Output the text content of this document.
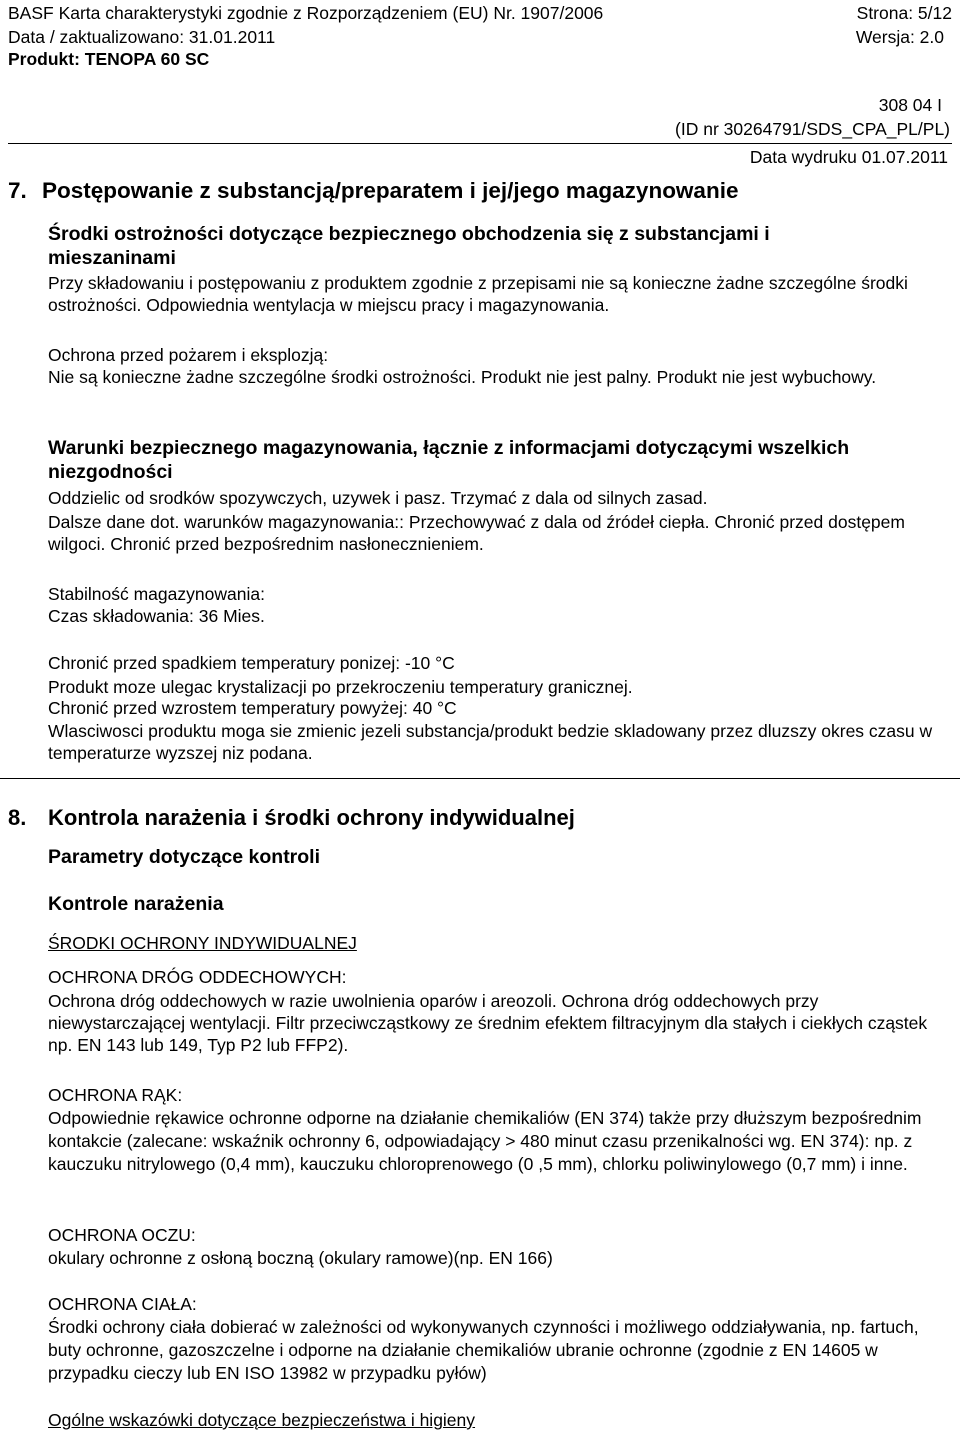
BASF Karta charakterystyki zgodnie z Rozporządzeniem (EU) Nr. 1907/2006	Strona: 5/12
Data / zaktualizowano: 31.01.2011	Wersja: 2.0
Produkt: TENOPA 60 SC
308 04 I
(ID nr 30264791/SDS_CPA_PL/PL)
Data wydruku 01.07.2011
7. Postępowanie z substancją/preparatem i jej/jego magazynowanie
Środki ostrożności dotyczące bezpiecznego obchodzenia się z substancjami i mieszaninami
Przy składowaniu i postępowaniu z produktem zgodnie z przepisami nie są konieczne żadne szczególne środki ostrożności. Odpowiednia wentylacja w miejscu pracy i magazynowania.
Ochrona przed pożarem i eksplozją:
Nie są konieczne żadne szczególne środki ostrożności. Produkt nie jest palny. Produkt nie jest wybuchowy.
Warunki bezpiecznego magazynowania, łącznie z informacjami dotyczącymi wszelkich niezgodności
Oddzielic od srodków spozywczych, uzywek i pasz. Trzymać z dala od silnych zasad.
Dalsze dane dot. warunków magazynowania:: Przechowywać z dala od źródeł ciepła. Chronić przed dostępem wilgoci. Chronić przed bezpośrednim nasłonecznieniem.
Stabilność magazynowania:
Czas składowania: 36 Mies.
Chronić przed spadkiem temperatury ponizej: -10 °C
Produkt moze ulegac krystalizacji po przekroczeniu temperatury granicznej.
Chronić przed wzrostem temperatury powyżej: 40 °C
Wlasciwosci produktu moga sie zmienic jezeli substancja/produkt bedzie skladowany przez dluzszy okres czasu w temperaturze wyzszej niz podana.
8. Kontrola narażenia i środki ochrony indywidualnej
Parametry dotyczące kontroli
Kontrole narażenia
ŚRODKI OCHRONY INDYWIDUALNEJ
OCHRONA DRÓG ODDECHOWYCH:
Ochrona dróg oddechowych w razie uwolnienia oparów i areozoli. Ochrona dróg oddechowych przy niewystarczającej wentylacji. Filtr przeciwcząstkowy ze średnim efektem filtracyjnym dla stałych i ciekłych cząstek np. EN 143 lub 149, Typ P2 lub FFP2).
OCHRONA RĄK:
Odpowiednie rękawice ochronne odporne na działanie chemikaliów (EN 374) także przy dłuższym bezpośrednim kontakcie (zalecane: wskaźnik ochronny 6, odpowiadający > 480 minut czasu przenikalności wg. EN 374): np. z kauczuku nitrylowego (0,4 mm), kauczuku chloroprenowego (0 ,5 mm), chlorku poliwinylowego (0,7 mm) i inne.
OCHRONA OCZU:
okulary ochronne z osłoną boczną (okulary ramowe)(np. EN 166)
OCHRONA CIAŁA:
Środki ochrony ciała dobierać w zależności od wykonywanych czynności i możliwego oddziaływania, np. fartuch, buty ochronne, gazoszczelne i odporne na działanie chemikaliów ubranie ochronne (zgodnie z EN 14605 w przypadku cieczy lub EN ISO 13982 w przypadku pyłów)
Ogólne wskazówki dotyczące bezpieczeństwa i higieny
